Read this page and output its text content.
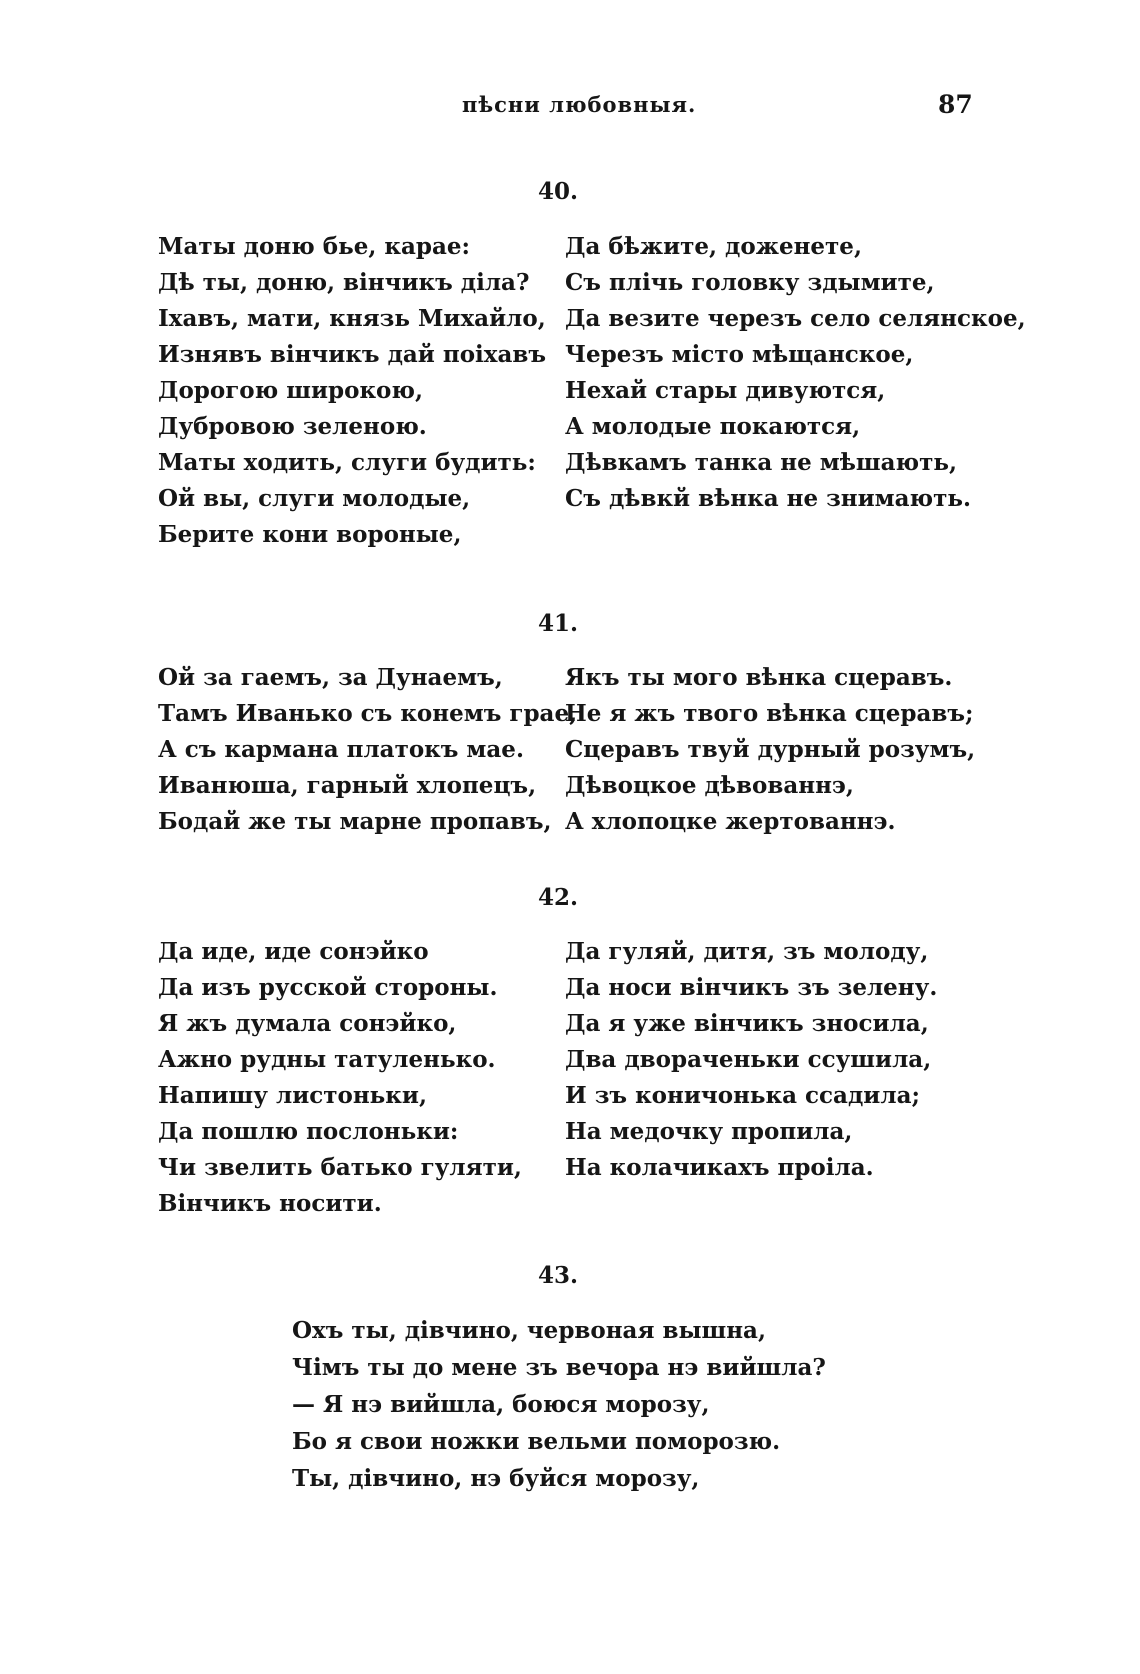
пѣсни любовныя.	87
40.
Маты доню бье, карае:
Дѣ ты, доню, вінчикъ діла?
Іхавъ, мати, князь Михайло,
Изнявъ вінчикъ дай поіхавъ
Дорогою широкою,
Дубровою зеленою.
Маты ходить, слуги будить:
Ой вы, слуги молодые,
Берите кони вороные,
Да бѣжите, доженете,
Съ плічь головку здымите,
Да везите черезъ село селянское,
Черезъ місто мѣщанское,
Нехай стары дивуются,
А молодые покаются,
Дѣвкамъ танка не мѣшають,
Съ дѣвкй вѣнка не знимають.
41.
Ой за гаемъ, за Дунаемъ,
Тамъ Иванько съ конемъ грае,
А съ кармана платокъ мае.
Иванюша, гарный хлопецъ,
Бодай же ты марне пропавъ,
Якъ ты мого вѣнка сцеравъ.
Не я жъ твого вѣнка сцеравъ;
Сцеравъ твуй дурный розумъ,
Дѣвоцкое дѣвованнэ,
А хлопоцке жертованнэ.
42.
Да иде, иде сонэйко
Да изъ русской стороны.
Я жъ думала сонэйко,
Ажно рудны татуленько.
Напишу листоньки,
Да пошлю послоньки:
Чи звелить батько гуляти,
Вінчикъ носити.
Да гуляй, дитя, зъ молоду,
Да носи вінчикъ зъ зелену.
Да я уже вінчикъ зносила,
Два двораченьки ссушила,
И зъ коничонька ссадила;
На медочку пропила,
На колачикахъ проіла.
43.
Охъ ты, дівчино, червоная вышна,
Чімъ ты до мене зъ вечора нэ вийшла?
— Я нэ вийшла, боюся морозу,
Бо я свои ножки вельми поморозю.
Ты, дівчино, нэ буйся морозу,
